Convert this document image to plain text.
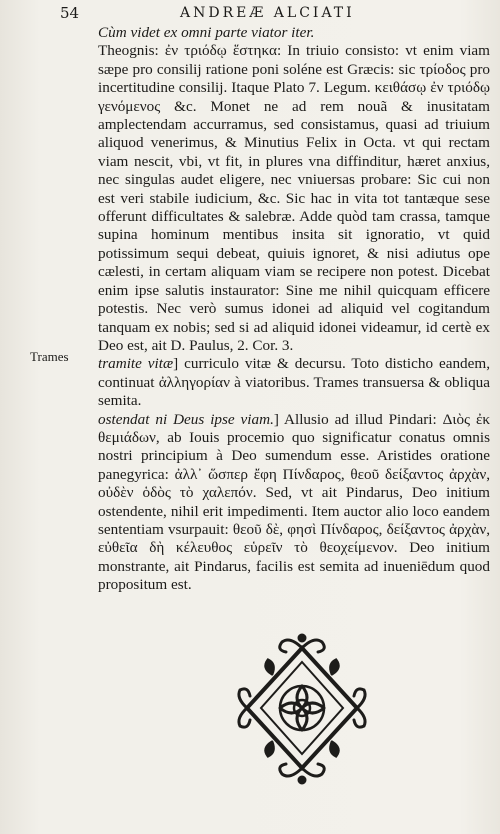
54	ANDREÆ ALCIATI
Trames
Cùm videt ex omni parte viator iter.

Theognis: ἐν τριόδῳ ἕστηκα: In triuio consisto: vt enim viam sæpe pro consilij ratione poni soléne est Græcis: sic τρίοδος pro incertitudine consilij. Itaque Plato 7. Legum. κειθάσῳ ἐν τριόδῳ γενόμενος &c. Monet ne ad rem nouã & inusitatam amplectendam accurramus, sed consistamus, quasi ad triuium aliquod venerimus, & Minutius Felix in Octa. vt qui rectam viam nescit, vbi, vt fit, in plures vna diffinditur, hæret anxius, nec singulas audet eligere, nec vniuersas probare: Sic cui non est veri stabile iudicium, &c. Sic hac in vita tot tantæque sese offerunt difficultates & salebræ. Adde quòd tam crassa, tamque supina hominum mentibus insita sit ignoratio, vt quid potissimum sequi debeat, quiuis ignoret, & nisi adiutus ope cælesti, in certam aliquam viam se recipere non potest. Dicebat enim ipse salutis instaurator: Sine me nihil quicquam efficere potestis. Nec verò sumus idonei ad aliquid vel cogitandum tanquam ex nobis; sed si ad aliquid idonei videamur, id certè ex Deo est, ait D. Paulus, 2. Cor. 3.

tramite vitæ] curriculo vitæ & decursu. Toto disticho eandem, continuat ἀλληγορίαν à viatoribus. Trames transuersa & obliqua semita.

ostendat ni Deus ipse viam.] Allusio ad illud Pindari: Διὸς ἐκ θεμιάδων, ab Iouis procemio quo significatur conatus omnis nostri principium à Deo sumendum esse. Aristides oratione panegyrica: ἀλλ᾽ ὥσπερ ἔφη Πίνδαρος, θεοῦ δείξαντος ἀρχὰν, οὐδὲν ὁδὸς τὸ χαλεπόν. Sed, vt ait Pindarus, Deo initium ostendente, nihil erit impedimenti. Item auctor alio loco eandem sententiam vsurpauit: θεοῦ δὲ, φησὶ Πίνδαρος, δείξαντος ἀρχὰν, εὐθεῖα δὴ κέλευθος εὑρεῖν τὸ θεοχείμενον. Deo initium monstrante, ait Pindarus, facilis est semita ad inueniēdum quod propositum est.
